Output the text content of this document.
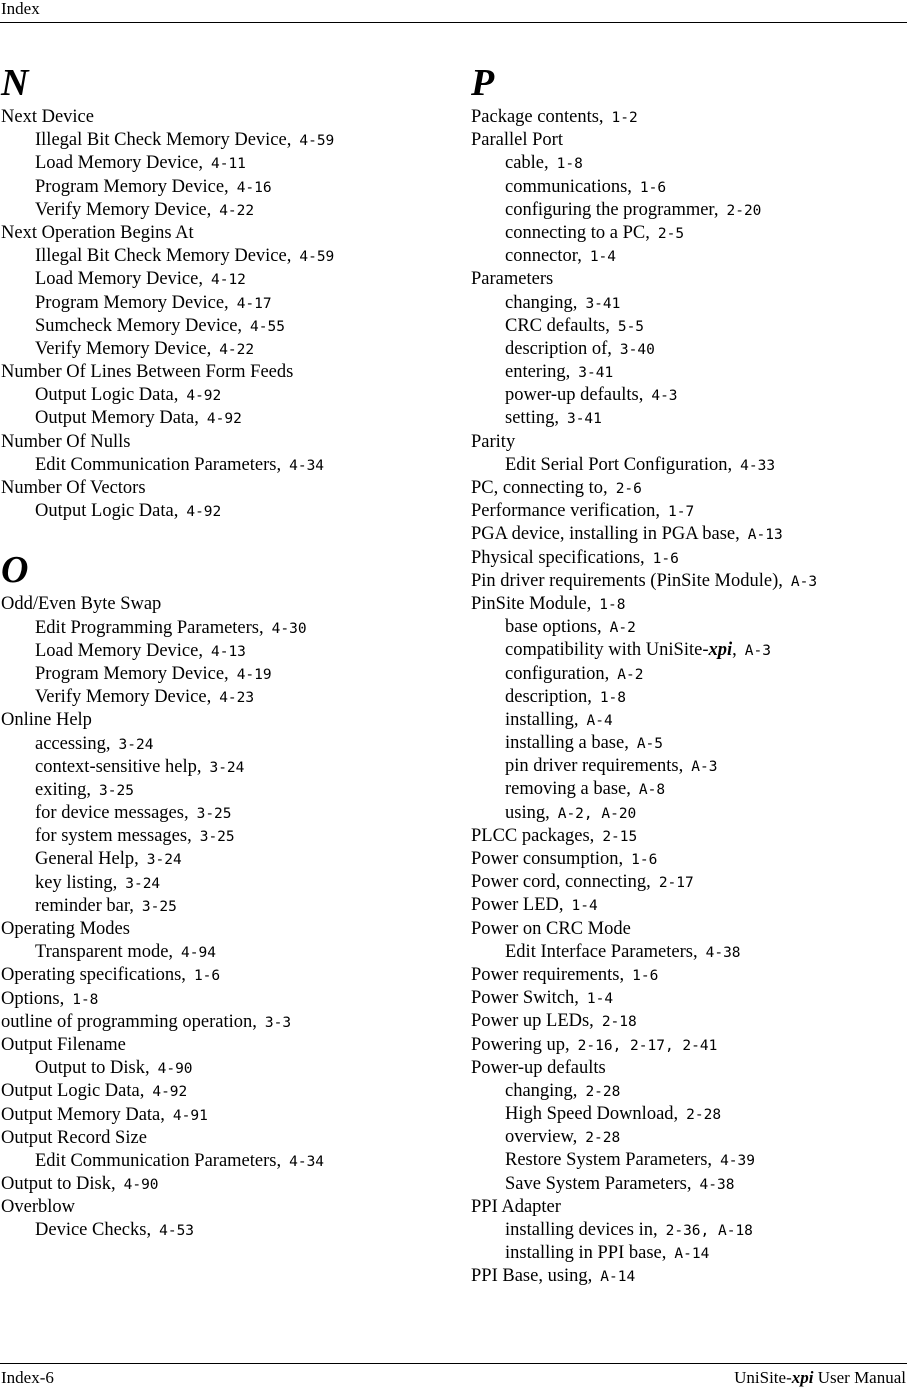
Index
N
Next Device
Illegal Bit Check Memory Device, 4-59
Load Memory Device, 4-11
Program Memory Device, 4-16
Verify Memory Device, 4-22
Next Operation Begins At
Illegal Bit Check Memory Device, 4-59
Load Memory Device, 4-12
Program Memory Device, 4-17
Sumcheck Memory Device, 4-55
Verify Memory Device, 4-22
Number Of Lines Between Form Feeds
Output Logic Data, 4-92
Output Memory Data, 4-92
Number Of Nulls
Edit Communication Parameters, 4-34
Number Of Vectors
Output Logic Data, 4-92
O
Odd/Even Byte Swap
Edit Programming Parameters, 4-30
Load Memory Device, 4-13
Program Memory Device, 4-19
Verify Memory Device, 4-23
Online Help
accessing, 3-24
context-sensitive help, 3-24
exiting, 3-25
for device messages, 3-25
for system messages, 3-25
General Help, 3-24
key listing, 3-24
reminder bar, 3-25
Operating Modes
Transparent mode, 4-94
Operating specifications, 1-6
Options, 1-8
outline of programming operation, 3-3
Output Filename
Output to Disk, 4-90
Output Logic Data, 4-92
Output Memory Data, 4-91
Output Record Size
Edit Communication Parameters, 4-34
Output to Disk, 4-90
Overblow
Device Checks, 4-53
P
Package contents, 1-2
Parallel Port
cable, 1-8
communications, 1-6
configuring the programmer, 2-20
connecting to a PC, 2-5
connector, 1-4
Parameters
changing, 3-41
CRC defaults, 5-5
description of, 3-40
entering, 3-41
power-up defaults, 4-3
setting, 3-41
Parity
Edit Serial Port Configuration, 4-33
PC, connecting to, 2-6
Performance verification, 1-7
PGA device, installing in PGA base, A-13
Physical specifications, 1-6
Pin driver requirements (PinSite Module), A-3
PinSite Module, 1-8
base options, A-2
compatibility with UniSite-xpi, A-3
configuration, A-2
description, 1-8
installing, A-4
installing a base, A-5
pin driver requirements, A-3
removing a base, A-8
using, A-2, A-20
PLCC packages, 2-15
Power consumption, 1-6
Power cord, connecting, 2-17
Power LED, 1-4
Power on CRC Mode
Edit Interface Parameters, 4-38
Power requirements, 1-6
Power Switch, 1-4
Power up LEDs, 2-18
Powering up, 2-16, 2-17, 2-41
Power-up defaults
changing, 2-28
High Speed Download, 2-28
overview, 2-28
Restore System Parameters, 4-39
Save System Parameters, 4-38
PPI Adapter
installing devices in, 2-36, A-18
installing in PPI base, A-14
PPI Base, using, A-14
Index-6	UniSite-xpi User Manual
